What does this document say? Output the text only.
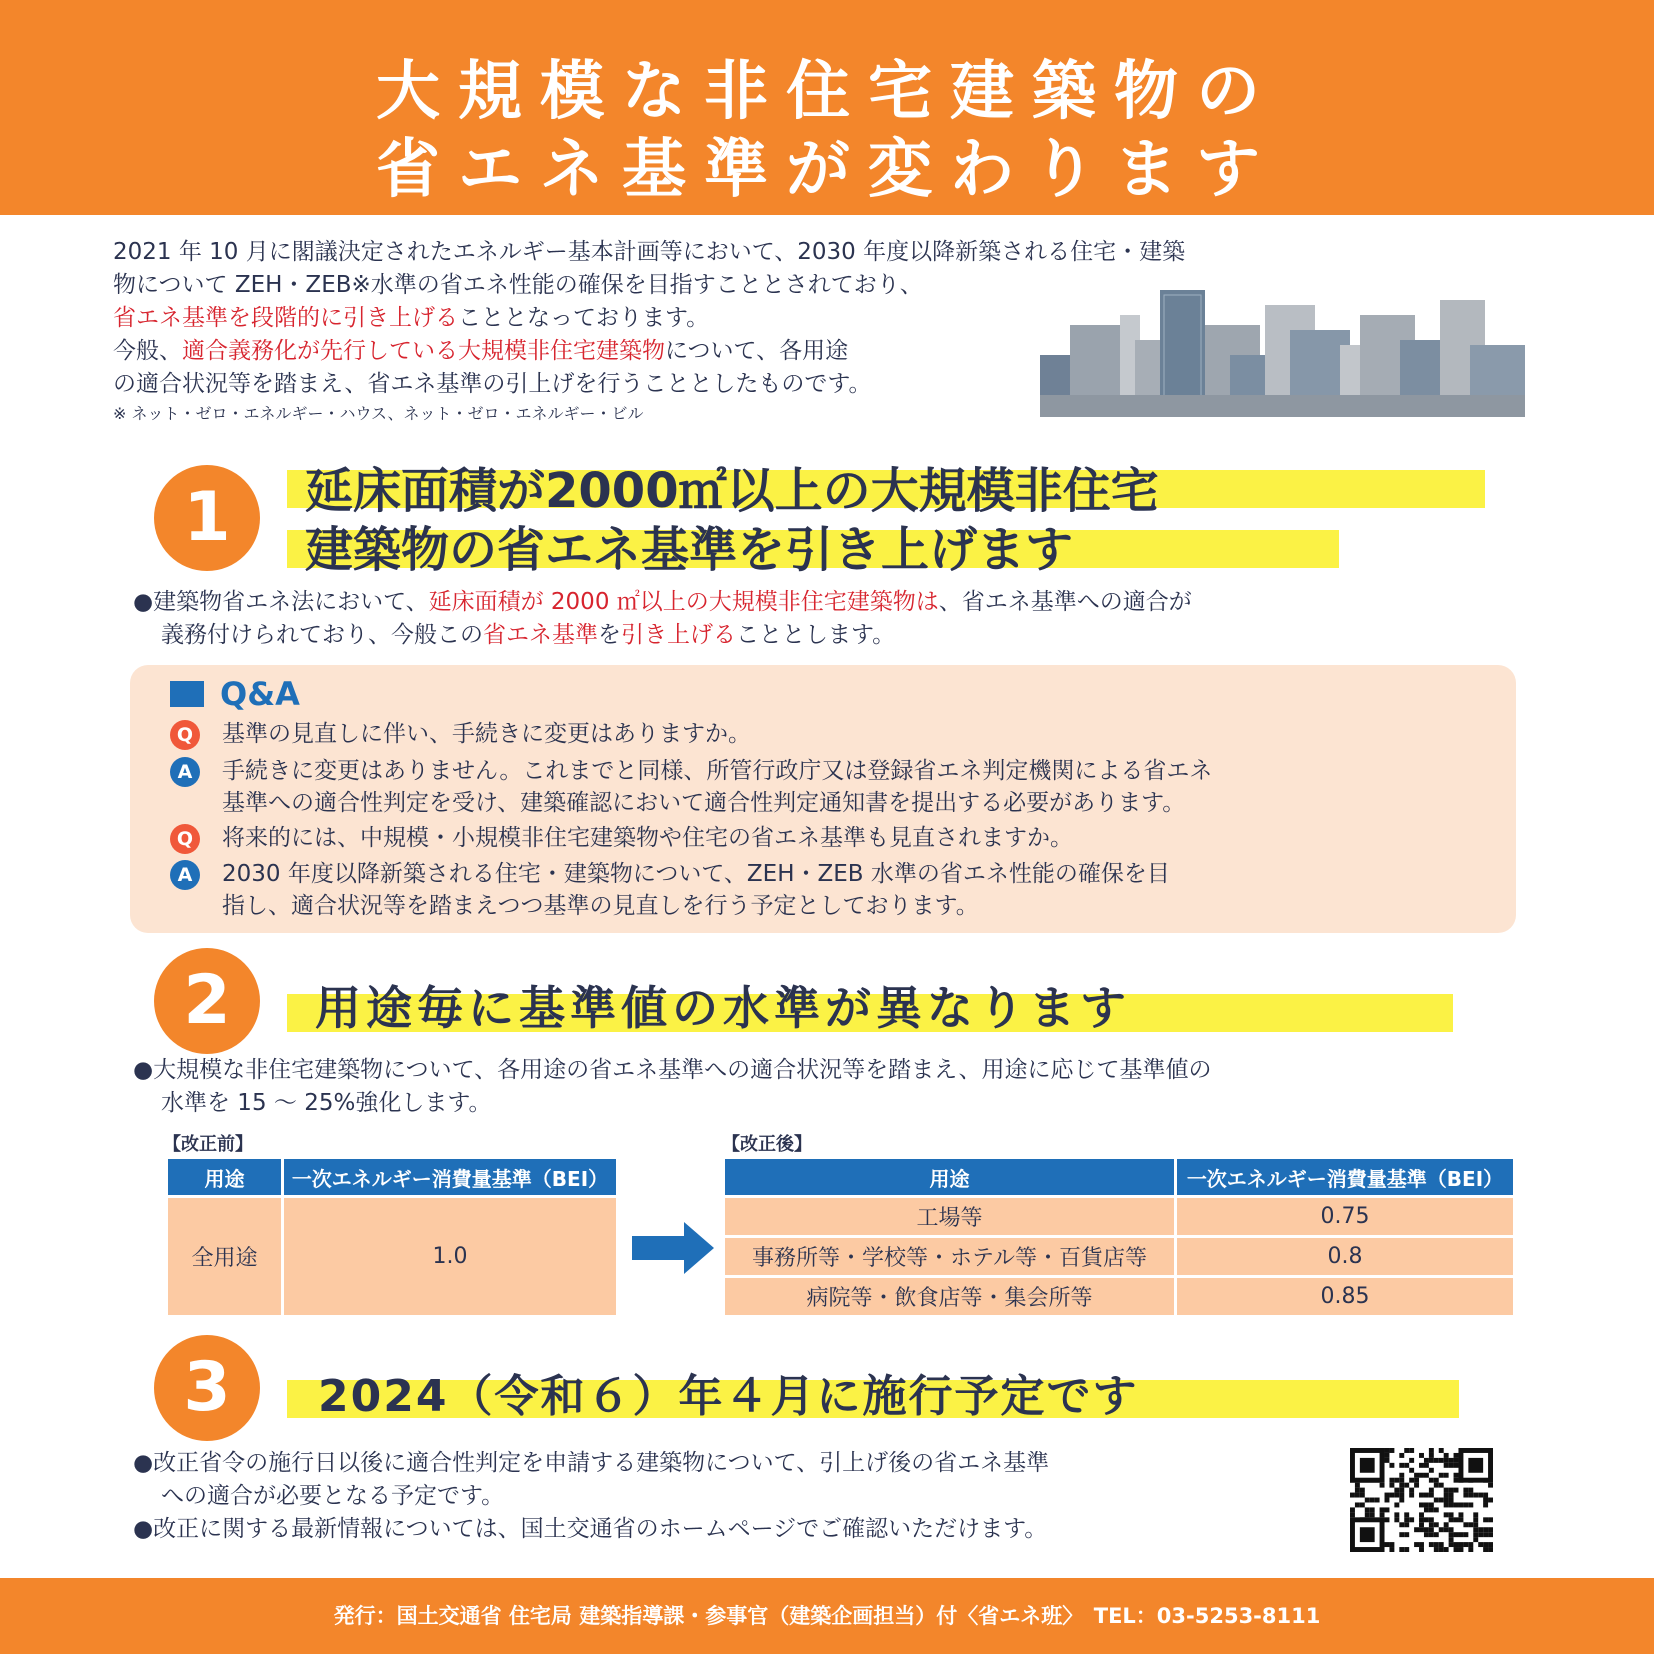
大規模な非住宅建築物の
省エネ基準が変わります

2021 年 10 月に閣議決定されたエネルギー基本計画等において、2030 年度以降新築される住宅・建築

物について ZEH・ZEB※水準の省エネ性能の確保を目指すこととされており、

省エネ基準を段階的に引き上げることとなっております。

今般、適合義務化が先行している大規模非住宅建築物について、各用途

の適合状況等を踏まえ、省エネ基準の引上げを行うこととしたものです。

※ ネット・ゼロ・エネルギー・ハウス、ネット・ゼロ・エネルギー・ビル

1	延床面積が2000㎡以上の大規模非住宅
建築物の省エネ基準を引き上げます

●建築物省エネ法において、延床面積が 2000 ㎡以上の大規模非住宅建築物は、省エネ基準への適合が

義務付けられており、今般この省エネ基準を引き上げることとします。

Q&A
Q	基準の見直しに伴い、手続きに変更はありますか。
A	手続きに変更はありません。これまでと同様、所管行政庁又は登録省エネ判定機関による省エネ
基準への適合性判定を受け、建築確認において適合性判定通知書を提出する必要があります。
Q	将来的には、中規模・小規模非住宅建築物や住宅の省エネ基準も見直されますか。
A	2030 年度以降新築される住宅・建築物について、ZEH・ZEB 水準の省エネ性能の確保を目
指し、適合状況等を踏まえつつ基準の見直しを行う予定としております。
2	用途毎に基準値の水準が異なります

●大規模な非住宅建築物について、各用途の省エネ基準への適合状況等を踏まえ、用途に応じて基準値の

水準を 15 ～ 25%強化します。

【改正前】
用途	一次エネルギー消費量基準（BEI）
全用途	1.0
【改正後】
用途	一次エネルギー消費量基準（BEI）
工場等	0.75
事務所等・学校等・ホテル等・百貨店等	0.8
病院等・飲食店等・集会所等	0.85
3	2024（令和６）年４月に施行予定です

●改正省令の施行日以後に適合性判定を申請する建築物について、引上げ後の省エネ基準

への適合が必要となる予定です。

●改正に関する最新情報については、国土交通省のホームページでご確認いただけます。

発行：国土交通省 住宅局 建築指導課・参事官（建築企画担当）付〈省エネ班〉　TEL：03-5253-8111
